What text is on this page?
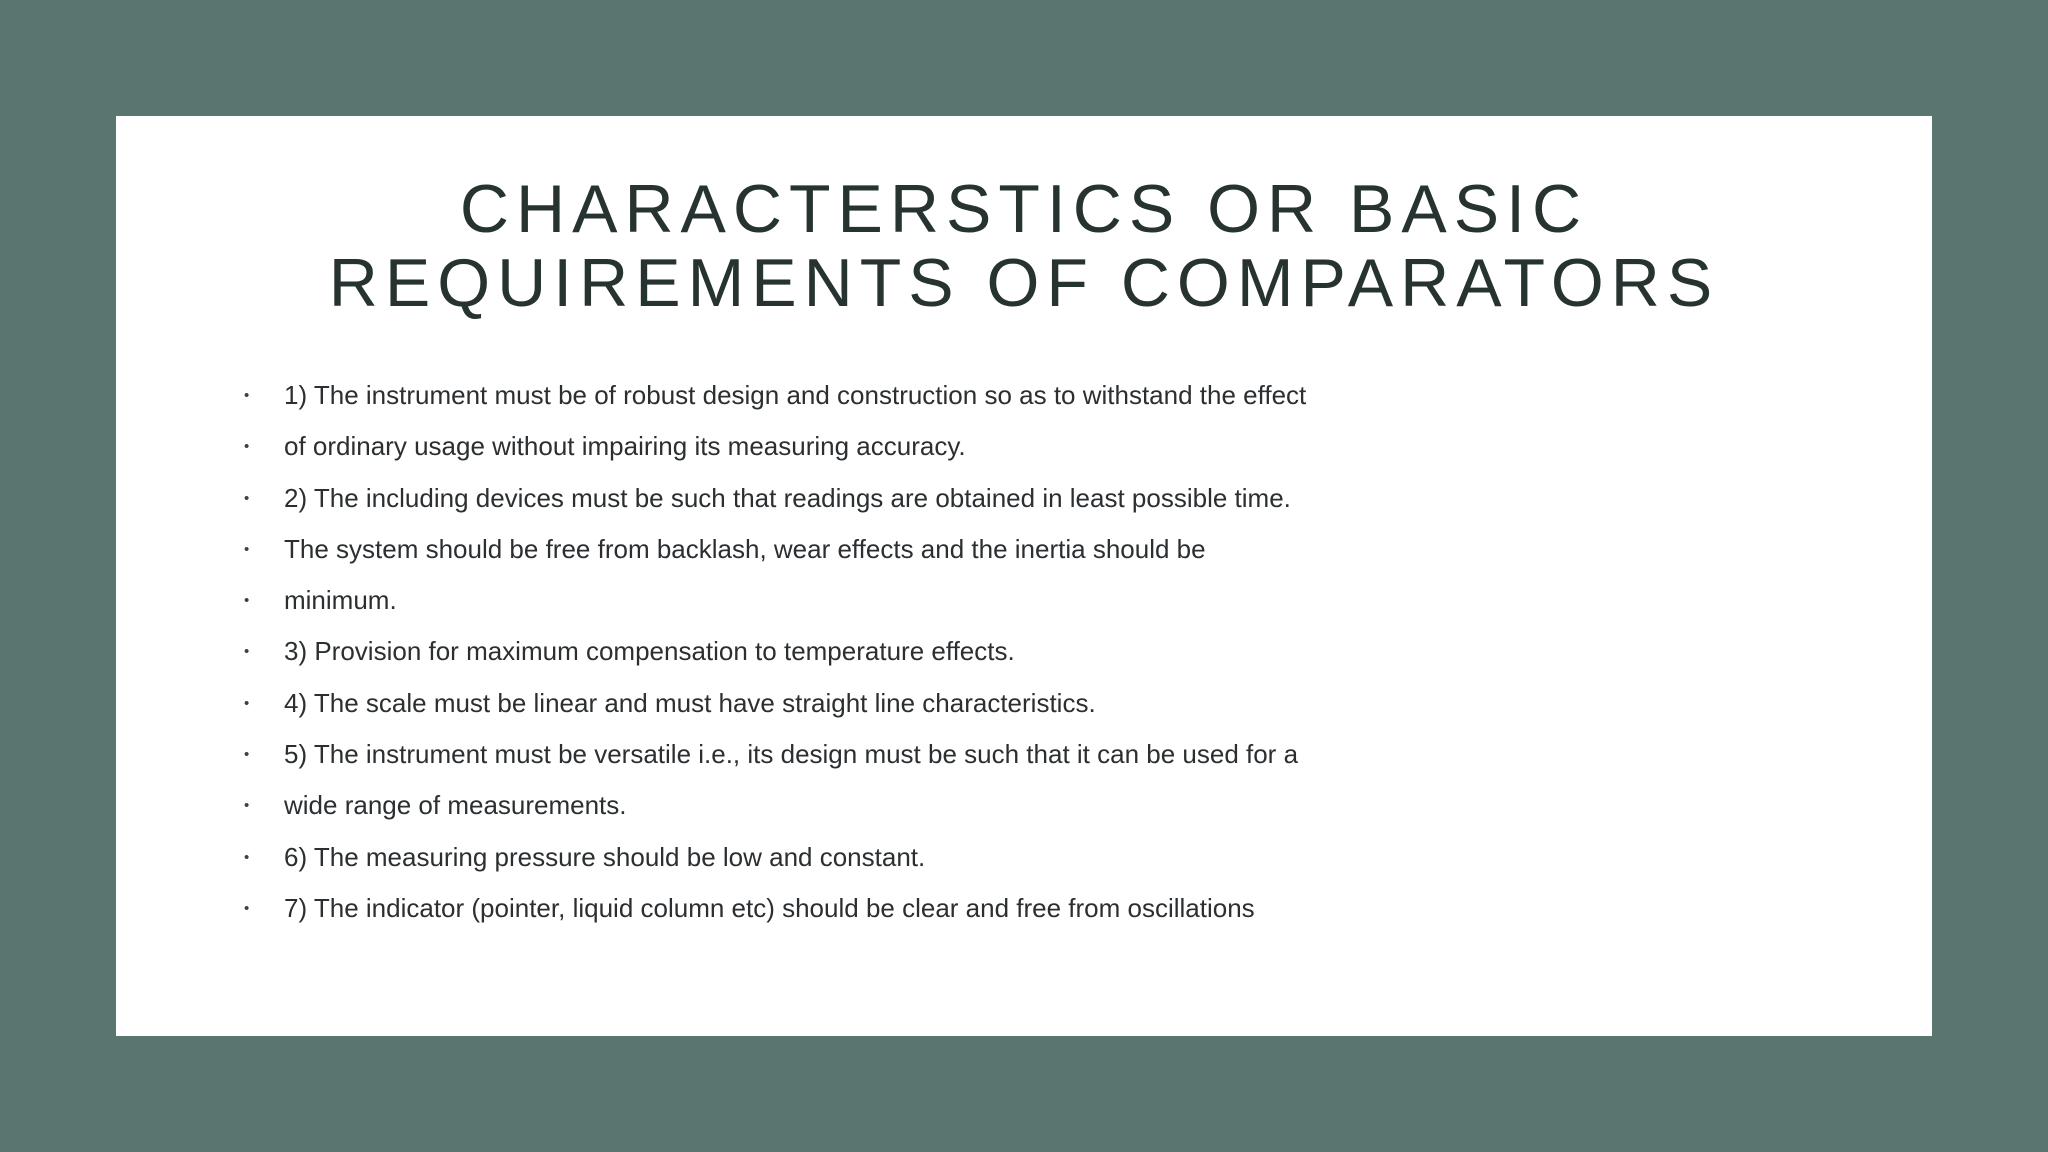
CHARACTERSTICS OR BASIC
REQUIREMENTS OF COMPARATORS
• 1) The instrument must be of robust design and construction so as to withstand the effect
• of ordinary usage without impairing its measuring accuracy.
• 2) The including devices must be such that readings are obtained in least possible time.
• The system should be free from backlash, wear effects and the inertia should be
• minimum.
• 3) Provision for maximum compensation to temperature effects.
• 4) The scale must be linear and must have straight line characteristics.
• 5) The instrument must be versatile i.e., its design must be such that it can be used for a
• wide range of measurements.
• 6) The measuring pressure should be low and constant.
• 7) The indicator (pointer, liquid column etc) should be clear and free from oscillations
